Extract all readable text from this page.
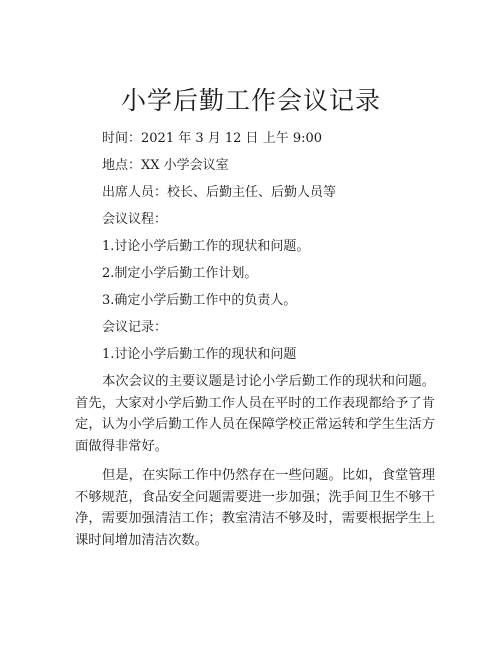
小学后勤工作会议记录
时间：2021 年 3 月 12 日 上午 9:00
地点：XX 小学会议室
出席人员：校长、后勤主任、后勤人员等
会议议程：
1.讨论小学后勤工作的现状和问题。
2.制定小学后勤工作计划。
3.确定小学后勤工作中的负责人。
会议记录：
1.讨论小学后勤工作的现状和问题

本次会议的主要议题是讨论小学后勤工作的现状和问题。首先，大家对小学后勤工作人员在平时的工作表现都给予了肯定，认为小学后勤工作人员在保障学校正常运转和学生生活方面做得非常好。

但是，在实际工作中仍然存在一些问题。比如，食堂管理不够规范，食品安全问题需要进一步加强；洗手间卫生不够干净，需要加强清洁工作；教室清洁不够及时，需要根据学生上课时间增加清洁次数。
